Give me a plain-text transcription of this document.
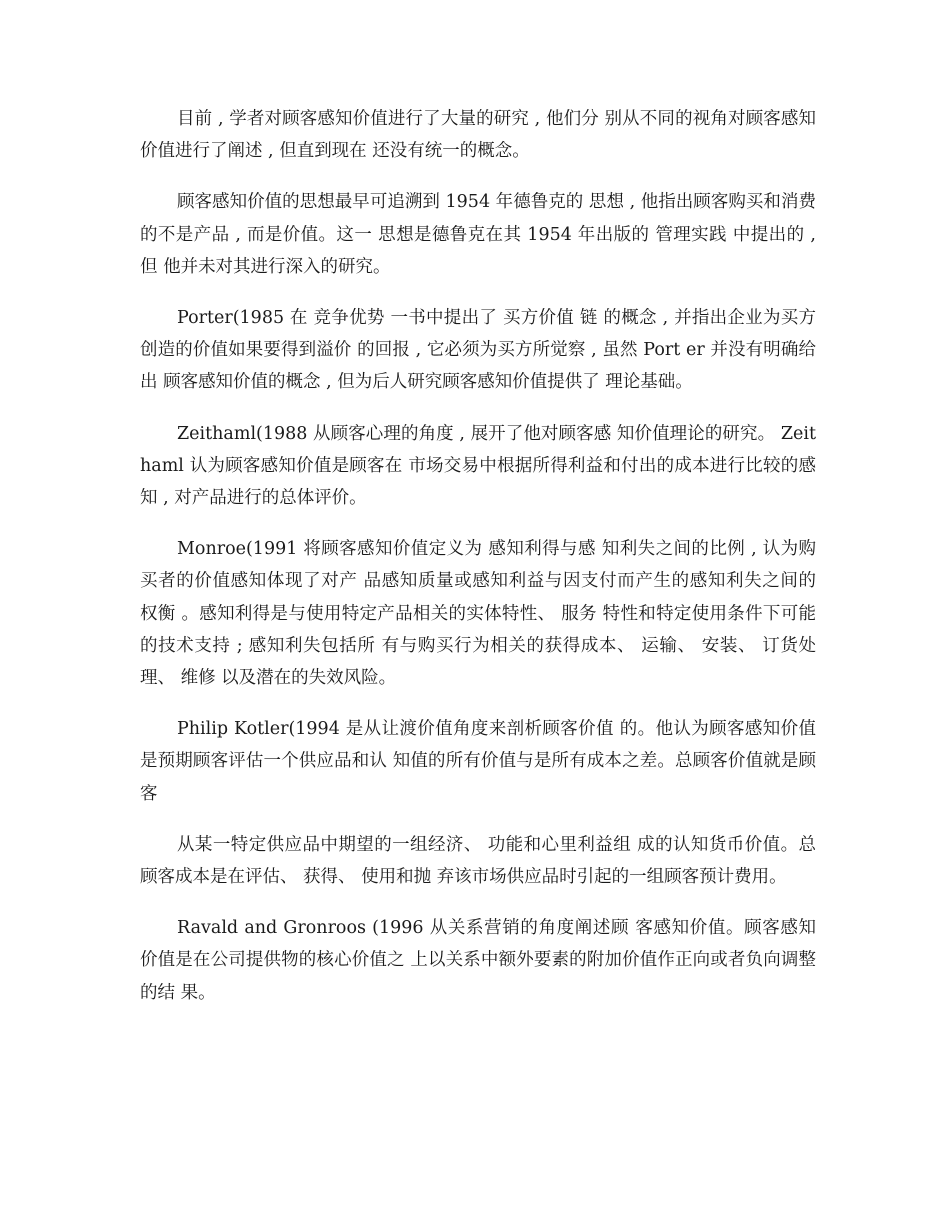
目前 , 学者对顾客感知价值进行了大量的研究 , 他们分 别从不同的视角对顾客感知价值进行了阐述 , 但直到现在 还没有统一的概念。

顾客感知价值的思想最早可追溯到 1954 年德鲁克的 思想 , 他指出顾客购买和消费的不是产品 , 而是价值。这一 思想是德鲁克在其 1954 年出版的 管理实践 中提出的 , 但 他并未对其进行深入的研究。

Porter(1985 在 竞争优势 一书中提出了 买方价值 链 的概念 , 并指出企业为买方创造的价值如果要得到溢价 的回报 , 它必须为买方所觉察 , 虽然 Port er 并没有明确给出 顾客感知价值的概念 , 但为后人研究顾客感知价值提供了 理论基础。

Zeithaml(1988 从顾客心理的角度 , 展开了他对顾客感 知价值理论的研究。 Zeit haml 认为顾客感知价值是顾客在 市场交易中根据所得利益和付出的成本进行比较的感知 , 对产品进行的总体评价。

Monroe(1991 将顾客感知价值定义为 感知利得与感 知利失之间的比例 , 认为购买者的价值感知体现了对产 品感知质量或感知利益与因支付而产生的感知利失之间的 权衡 。感知利得是与使用特定产品相关的实体特性、 服务 特性和特定使用条件下可能的技术支持 ; 感知利失包括所 有与购买行为相关的获得成本、 运输、 安装、 订货处理、 维修 以及潜在的失效风险。

Philip Kotler(1994 是从让渡价值角度来剖析顾客价值 的。他认为顾客感知价值是预期顾客评估一个供应品和认 知值的所有价值与是所有成本之差。总顾客价值就是顾客

从某一特定供应品中期望的一组经济、 功能和心里利益组 成的认知货币价值。总顾客成本是在评估、 获得、 使用和抛 弃该市场供应品时引起的一组顾客预计费用。

Ravald and Gronroos (1996 从关系营销的角度阐述顾 客感知价值。顾客感知价值是在公司提供物的核心价值之 上以关系中额外要素的附加价值作正向或者负向调整的结 果。
